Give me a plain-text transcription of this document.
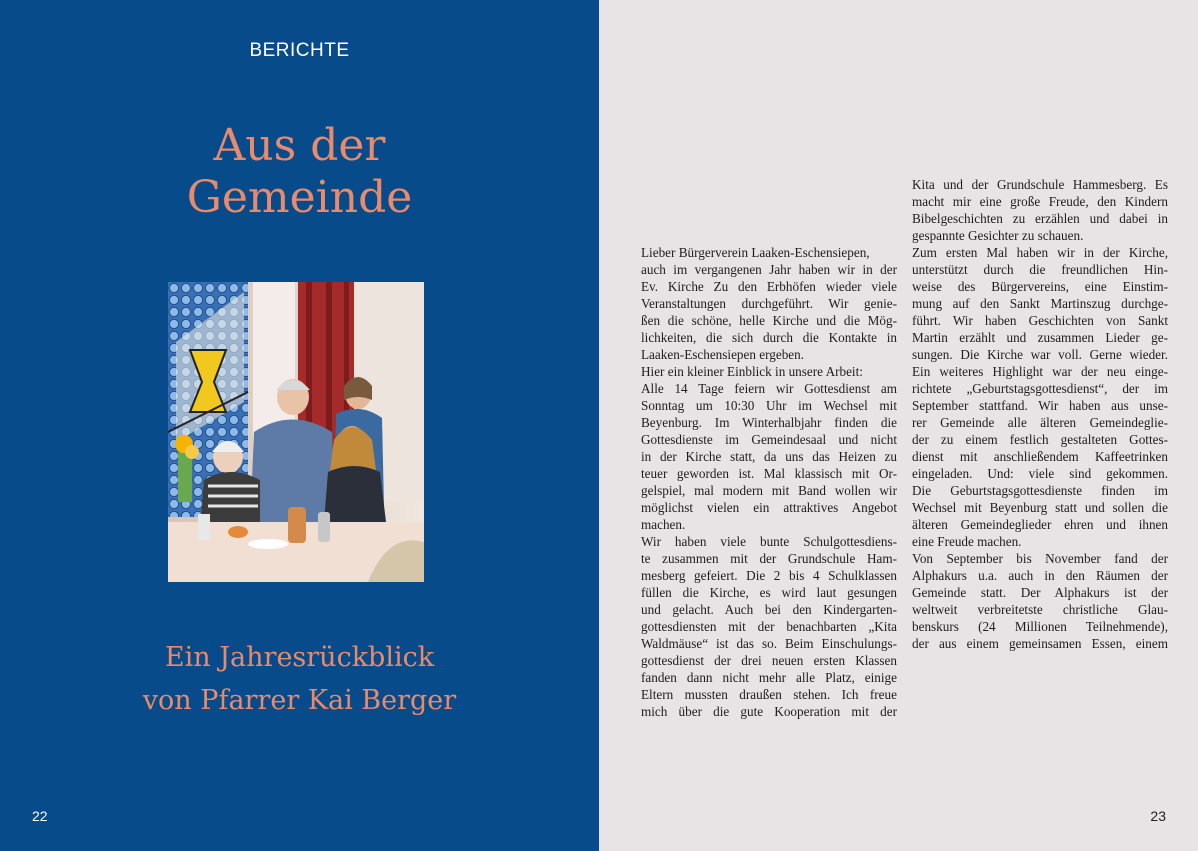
BERICHTE
Aus der
Gemeinde
Ein Jahresrückblick
von Pfarrer Kai Berger
22
Lieber Bürgerverein Laaken-Eschensiepen,
auch im vergangenen Jahr haben wir in der
Ev. Kirche Zu den Erbhöfen wieder viele
Veranstaltungen durchgeführt. Wir genie-
ßen die schöne, helle Kirche und die Mög-
lichkeiten, die sich durch die Kontakte in
Laaken-Eschensiepen ergeben.
Hier ein kleiner Einblick in unsere Arbeit:
Alle 14 Tage feiern wir Gottesdienst am
Sonntag um 10:30 Uhr im Wechsel mit
Beyenburg. Im Winterhalbjahr finden die
Gottesdienste im Gemeindesaal und nicht
in der Kirche statt, da uns das Heizen zu
teuer geworden ist. Mal klassisch mit Or-
gelspiel, mal modern mit Band wollen wir
möglichst vielen ein attraktives Angebot
machen.
Wir haben viele bunte Schulgottesdiens-
te zusammen mit der Grundschule Ham-
mesberg gefeiert. Die 2 bis 4 Schulklassen
füllen die Kirche, es wird laut gesungen
und gelacht. Auch bei den Kindergarten-
gottesdiensten mit der benachbarten „Kita
Waldmäuse“ ist das so. Beim Einschulungs-
gottesdienst der drei neuen ersten Klassen
fanden dann nicht mehr alle Platz, einige
Eltern mussten draußen stehen. Ich freue
mich über die gute Kooperation mit der
Kita und der Grundschule Hammesberg. Es
macht mir eine große Freude, den Kindern
Bibelgeschichten zu erzählen und dabei in
gespannte Gesichter zu schauen.
Zum ersten Mal haben wir in der Kirche,
unterstützt durch die freundlichen Hin-
weise des Bürgervereins, eine Einstim-
mung auf den Sankt Martinszug durchge-
führt. Wir haben Geschichten von Sankt
Martin erzählt und zusammen Lieder ge-
sungen. Die Kirche war voll. Gerne wieder.
Ein weiteres Highlight war der neu einge-
richtete „Geburtstagsgottesdienst“, der im
September stattfand. Wir haben aus unse-
rer Gemeinde alle älteren Gemeindeglie-
der zu einem festlich gestalteten Gottes-
dienst mit anschließendem Kaffeetrinken
eingeladen. Und: viele sind gekommen.
Die Geburtstagsgottesdienste finden im
Wechsel mit Beyenburg statt und sollen die
älteren Gemeindeglieder ehren und ihnen
eine Freude machen.
Von September bis November fand der
Alphakurs u.a. auch in den Räumen der
Gemeinde statt. Der Alphakurs ist der
weltweit verbreitetste christliche Glau-
benskurs (24 Millionen Teilnehmende),
der aus einem gemeinsamen Essen, einem
23
